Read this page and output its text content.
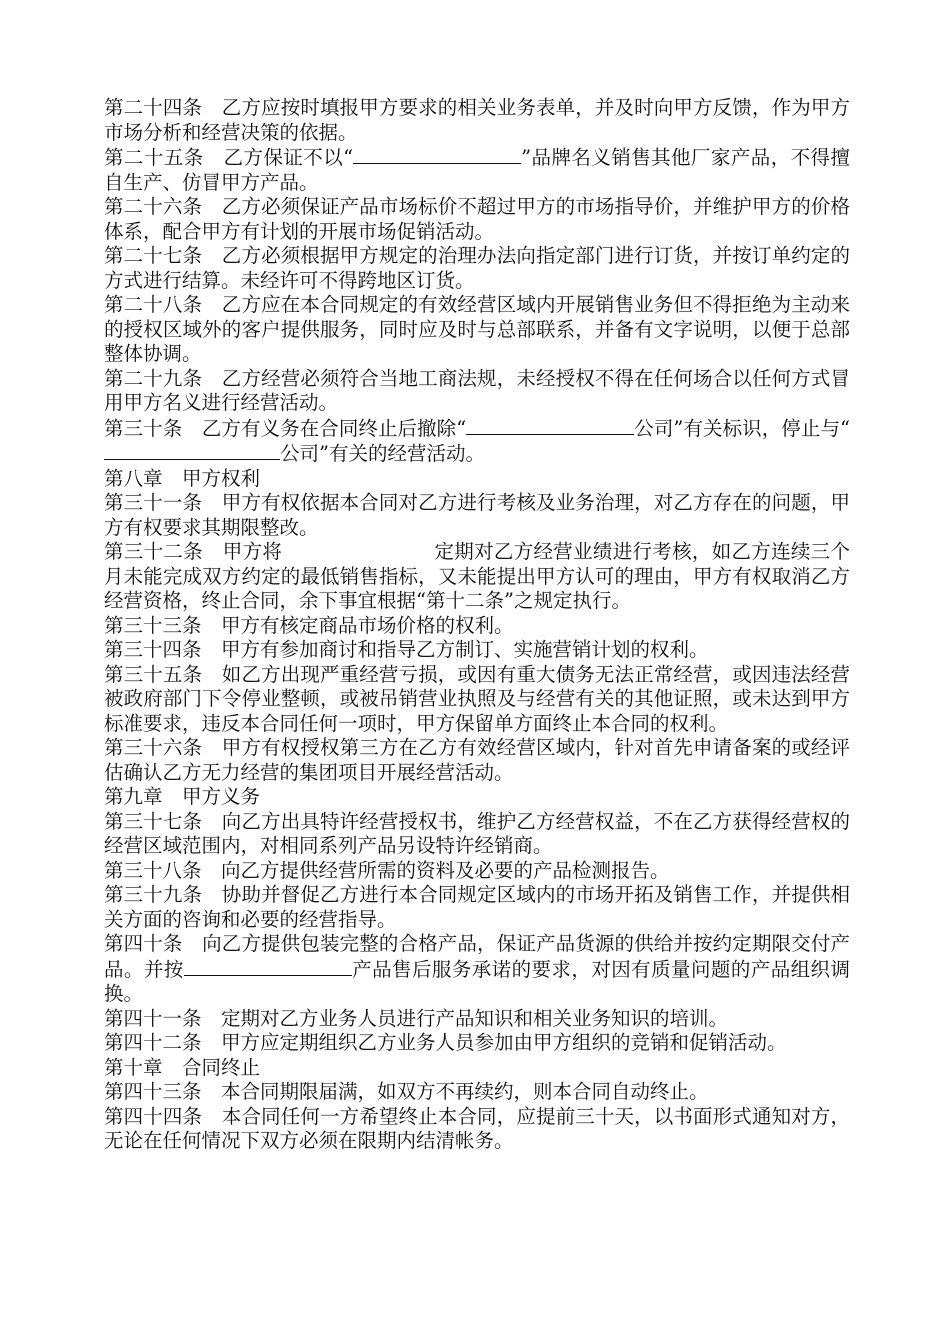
第二十四条　乙方应按时填报甲方要求的相关业务表单，并及时向甲方反馈，作为甲方市场分析和经营决策的依据。

第二十五条　乙方保证不以“	”品牌名义销售其他厂家产品，不得擅自生产、仿冒甲方产品。

第二十六条　乙方必须保证产品市场标价不超过甲方的市场指导价，并维护甲方的价格体系，配合甲方有计划的开展市场促销活动。

第二十七条　乙方必须根据甲方规定的治理办法向指定部门进行订货，并按订单约定的方式进行结算。未经许可不得跨地区订货。

第二十八条　乙方应在本合同规定的有效经营区域内开展销售业务但不得拒绝为主动来的授权区域外的客户提供服务，同时应及时与总部联系，并备有文字说明，以便于总部整体协调。

第二十九条　乙方经营必须符合当地工商法规，未经授权不得在任何场合以任何方式冒用甲方名义进行经营活动。

第三十条　乙方有义务在合同终止后撤除“	公司”有关标识，停止与“公司”有关的经营活动。

第八章　甲方权利

第三十一条　甲方有权依据本合同对乙方进行考核及业务治理，对乙方存在的问题，甲方有权要求其期限整改。

第三十二条　甲方将	定期对乙方经营业绩进行考核，如乙方连续三个月未能完成双方约定的最低销售指标，又未能提出甲方认可的理由，甲方有权取消乙方经营资格，终止合同，余下事宜根据“第十二条”之规定执行。

第三十三条　甲方有核定商品市场价格的权利。

第三十四条　甲方有参加商讨和指导乙方制订、实施营销计划的权利。

第三十五条　如乙方出现严重经营亏损，或因有重大债务无法正常经营，或因违法经营被政府部门下令停业整顿，或被吊销营业执照及与经营有关的其他证照，或未达到甲方标准要求，违反本合同任何一项时，甲方保留单方面终止本合同的权利。

第三十六条　甲方有权授权第三方在乙方有效经营区域内，针对首先申请备案的或经评估确认乙方无力经营的集团项目开展经营活动。

第九章　甲方义务

第三十七条　向乙方出具特许经营授权书，维护乙方经营权益，不在乙方获得经营权的经营区域范围内，对相同系列产品另设特许经销商。

第三十八条　向乙方提供经营所需的资料及必要的产品检测报告。

第三十九条　协助并督促乙方进行本合同规定区域内的市场开拓及销售工作，并提供相关方面的咨询和必要的经营指导。

第四十条　向乙方提供包装完整的合格产品，保证产品货源的供给并按约定期限交付产品。并按	产品售后服务承诺的要求，对因有质量问题的产品组织调换。

第四十一条　定期对乙方业务人员进行产品知识和相关业务知识的培训。

第四十二条　甲方应定期组织乙方业务人员参加由甲方组织的竞销和促销活动。

第十章　合同终止

第四十三条　本合同期限届满，如双方不再续约，则本合同自动终止。

第四十四条　本合同任何一方希望终止本合同，应提前三十天，以书面形式通知对方，无论在任何情况下双方必须在限期内结清帐务。
